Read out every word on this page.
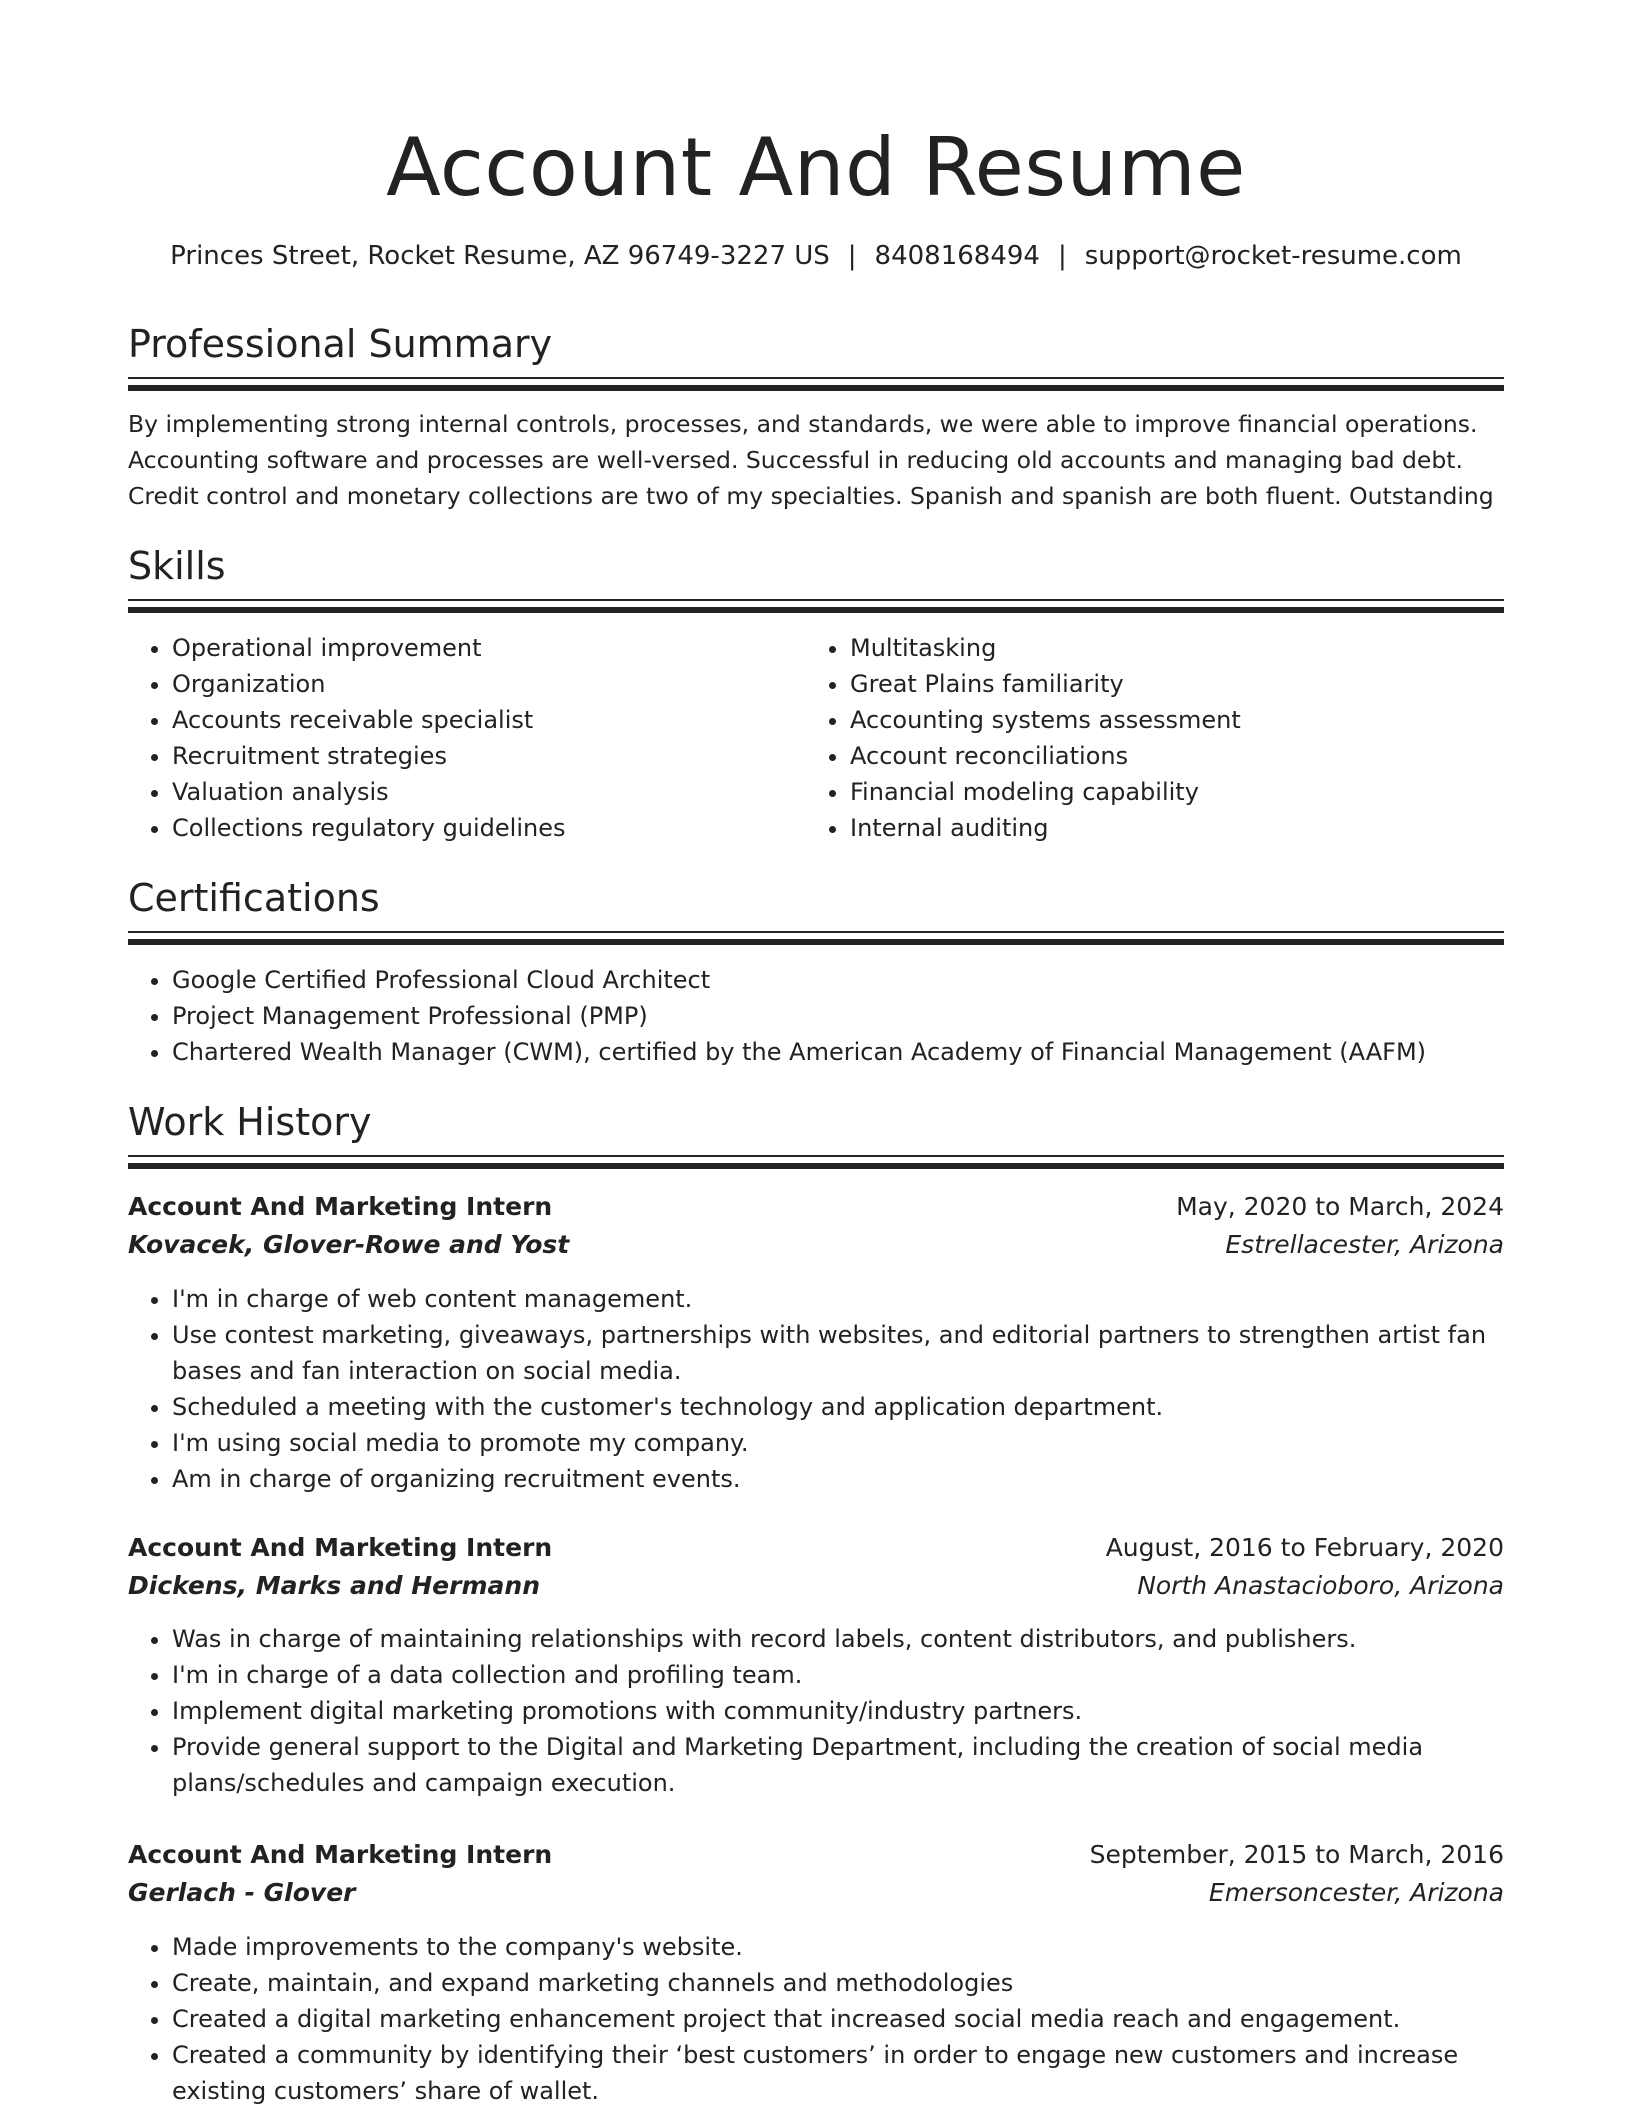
Account And Resume
Princes Street, Rocket Resume, AZ 96749-3227 US | 8408168494 | support@rocket-resume.com
Professional Summary
By implementing strong internal controls, processes, and standards, we were able to improve financial operations.
Accounting software and processes are well-versed. Successful in reducing old accounts and managing bad debt.
Credit control and monetary collections are two of my specialties. Spanish and spanish are both fluent. Outstanding
Skills
• Operational improvement
• Organization
• Accounts receivable specialist
• Recruitment strategies
• Valuation analysis
• Collections regulatory guidelines
• Multitasking
• Great Plains familiarity
• Accounting systems assessment
• Account reconciliations
• Financial modeling capability
• Internal auditing
Certifications
• Google Certified Professional Cloud Architect
• Project Management Professional (PMP)
• Chartered Wealth Manager (CWM), certified by the American Academy of Financial Management (AAFM)
Work History
Account And Marketing Intern	May, 2020 to March, 2024
Kovacek, Glover-Rowe and Yost	Estrellacester, Arizona
• I'm in charge of web content management.
• Use contest marketing, giveaways, partnerships with websites, and editorial partners to strengthen artist fan bases and fan interaction on social media.
• Scheduled a meeting with the customer's technology and application department.
• I'm using social media to promote my company.
• Am in charge of organizing recruitment events.
Account And Marketing Intern	August, 2016 to February, 2020
Dickens, Marks and Hermann	North Anastacioboro, Arizona
• Was in charge of maintaining relationships with record labels, content distributors, and publishers.
• I'm in charge of a data collection and profiling team.
• Implement digital marketing promotions with community/industry partners.
• Provide general support to the Digital and Marketing Department, including the creation of social media plans/schedules and campaign execution.
Account And Marketing Intern	September, 2015 to March, 2016
Gerlach - Glover	Emersoncester, Arizona
• Made improvements to the company's website.
• Create, maintain, and expand marketing channels and methodologies
• Created a digital marketing enhancement project that increased social media reach and engagement.
• Created a community by identifying their ‘best customers’ in order to engage new customers and increase existing customers’ share of wallet.
